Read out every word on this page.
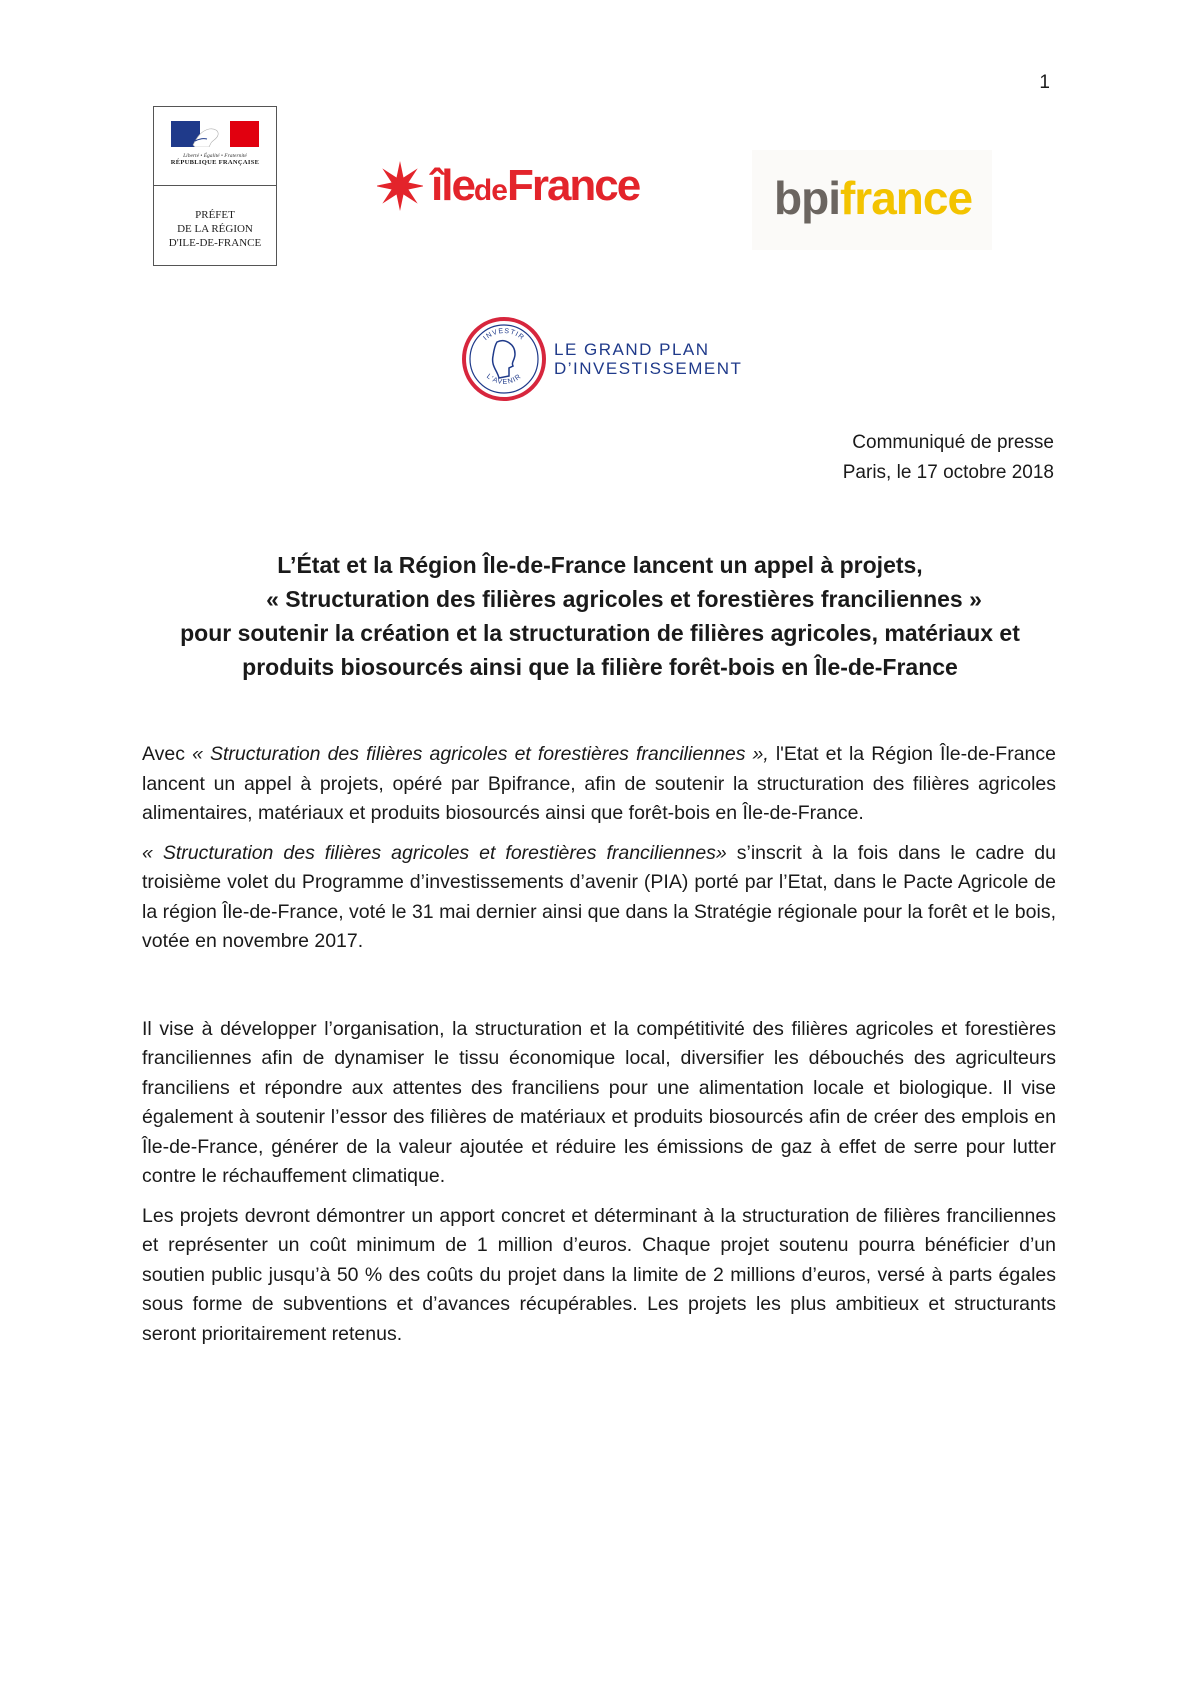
1
Liberté • Égalité • Fraternité
RÉPUBLIQUE FRANÇAISE
PRÉFET
DE LA RÉGION
D'ILE-DE-FRANCE
îledeFrance	bpifrance
INVESTIR
L'AVENIR
LE GRAND PLAN
D’INVESTISSEMENT
Communiqué de presse
Paris, le 17 octobre 2018
L’État et la Région Île-de-France lancent un appel à projets,
« Structuration des filières agricoles et forestières franciliennes »
pour soutenir la création et la structuration de filières agricoles, matériaux et
produits biosourcés ainsi que la filière forêt-bois en Île-de-France

Avec « Structuration des filières agricoles et forestières franciliennes », l'Etat et la Région Île-de-France lancent un appel à projets, opéré par Bpifrance, afin de soutenir la structuration des filières agricoles alimentaires, matériaux et produits biosourcés ainsi que forêt-bois en Île-de-France.

« Structuration des filières agricoles et forestières franciliennes» s’inscrit à la fois dans le cadre du troisième volet du Programme d’investissements d’avenir (PIA) porté par l’Etat, dans le Pacte Agricole de la région Île-de-France, voté le 31 mai dernier ainsi que dans la Stratégie régionale pour la forêt et le bois, votée en novembre 2017.

Il vise à développer l’organisation, la structuration et la compétitivité des filières agricoles et forestières franciliennes afin de dynamiser le tissu économique local, diversifier les débouchés des agriculteurs franciliens et répondre aux attentes des franciliens pour une alimentation locale et biologique. Il vise également à soutenir l’essor des filières de matériaux et produits biosourcés afin de créer des emplois en Île-de-France, générer de la valeur ajoutée et réduire les émissions de gaz à effet de serre pour lutter contre le réchauffement climatique.

Les projets devront démontrer un apport concret et déterminant à la structuration de filières franciliennes et représenter un coût minimum de 1 million d’euros. Chaque projet soutenu pourra bénéficier d’un soutien public jusqu’à 50 % des coûts du projet dans la limite de 2 millions d’euros, versé à parts égales sous forme de subventions et d’avances récupérables. Les projets les plus ambitieux et structurants seront prioritairement retenus.
